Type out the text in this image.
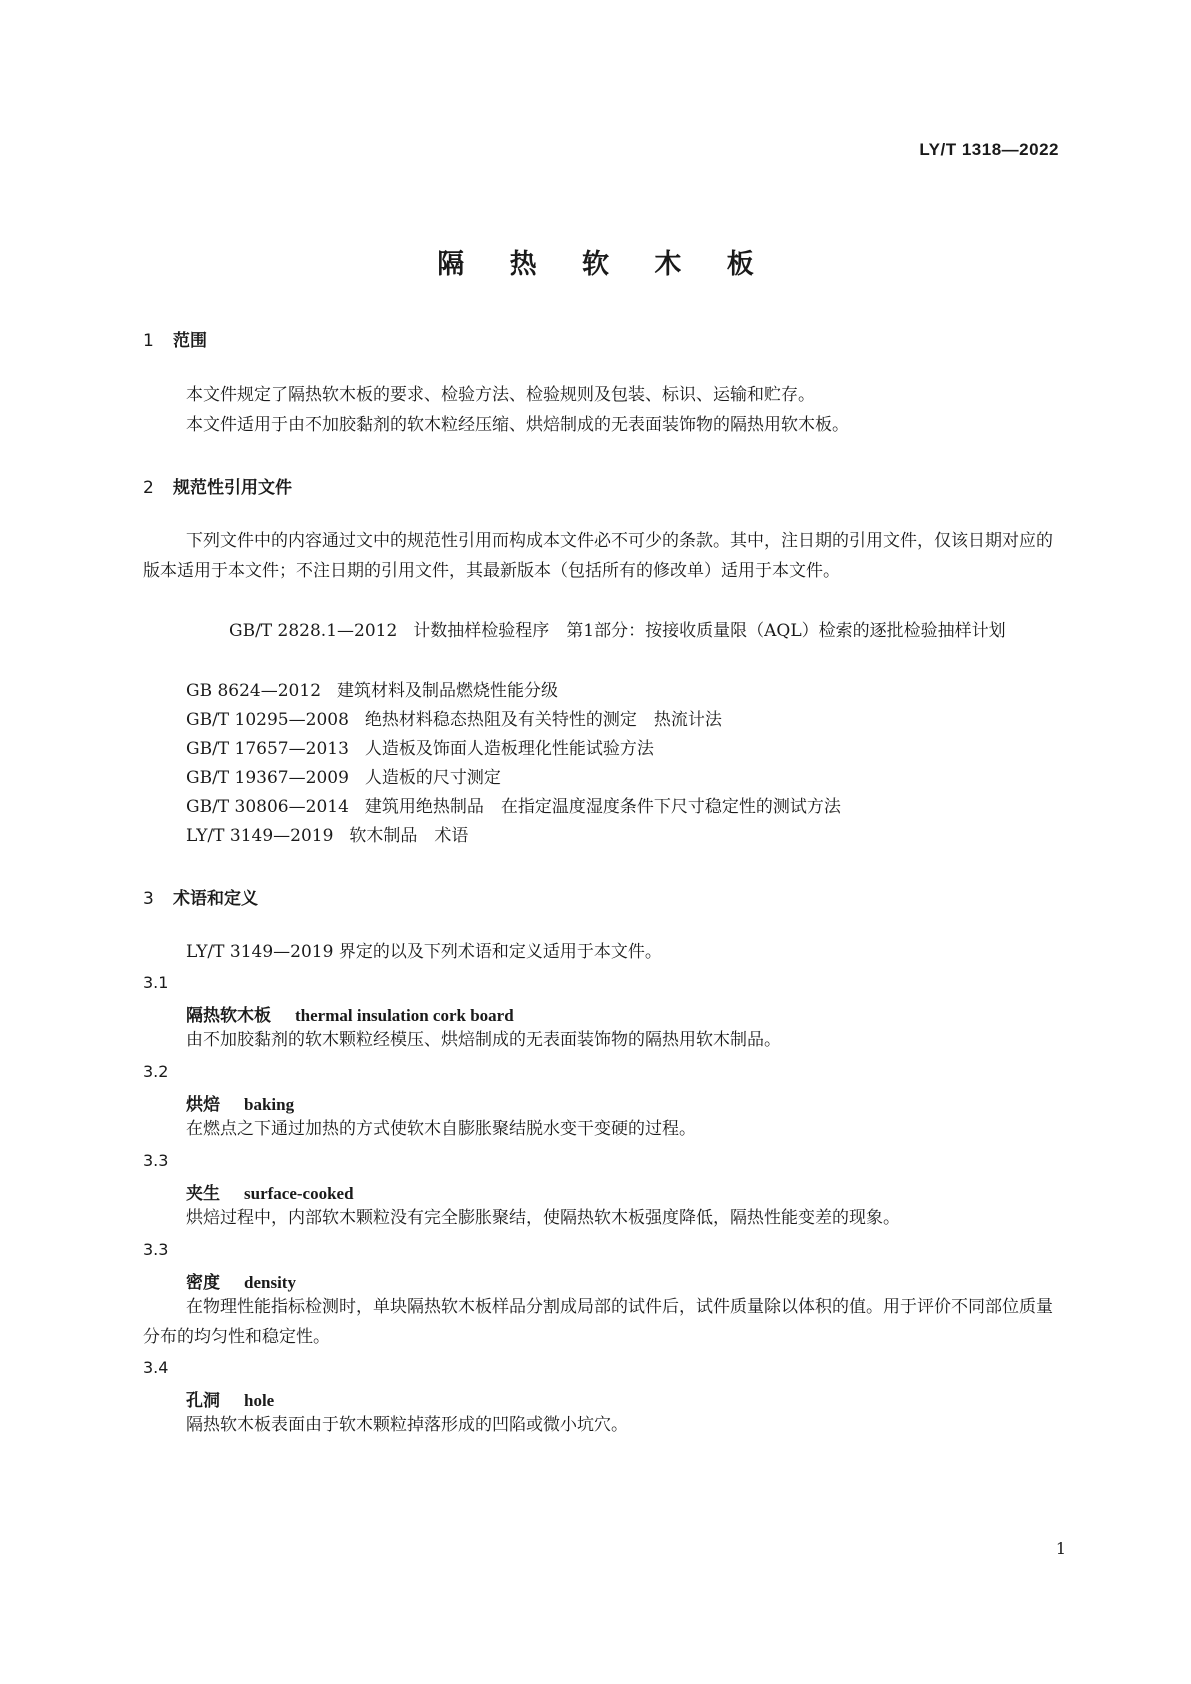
LY/T 1318—2022
隔 热 软 木 板
1 范围
本文件规定了隔热软木板的要求、检验方法、检验规则及包装、标识、运输和贮存。
本文件适用于由不加胶黏剂的软木粒经压缩、烘焙制成的无表面装饰物的隔热用软木板。
2 规范性引用文件
下列文件中的内容通过文中的规范性引用而构成本文件必不可少的条款。其中，注日期的引用文件，仅该日期对应的版本适用于本文件；不注日期的引用文件，其最新版本（包括所有的修改单）适用于本文件。
GB/T 2828.1—2012 计数抽样检验程序　第1部分：按接收质量限（AQL）检索的逐批检验抽样计划
GB 8624—2012 建筑材料及制品燃烧性能分级
GB/T 10295—2008 绝热材料稳态热阻及有关特性的测定　热流计法
GB/T 17657—2013 人造板及饰面人造板理化性能试验方法
GB/T 19367—2009 人造板的尺寸测定
GB/T 30806—2014 建筑用绝热制品　在指定温度湿度条件下尺寸稳定性的测试方法
LY/T 3149—2019 软木制品　术语
3 术语和定义
LY/T 3149—2019 界定的以及下列术语和定义适用于本文件。
3.1
隔热软木板 thermal insulation cork board
由不加胶黏剂的软木颗粒经模压、烘焙制成的无表面装饰物的隔热用软木制品。
3.2
烘焙 baking
在燃点之下通过加热的方式使软木自膨胀聚结脱水变干变硬的过程。
3.3
夹生 surface-cooked
烘焙过程中，内部软木颗粒没有完全膨胀聚结，使隔热软木板强度降低，隔热性能变差的现象。
3.3
密度 density
在物理性能指标检测时，单块隔热软木板样品分割成局部的试件后，试件质量除以体积的值。用于评价不同部位质量分布的均匀性和稳定性。
3.4
孔洞 hole
隔热软木板表面由于软木颗粒掉落形成的凹陷或微小坑穴。
1
